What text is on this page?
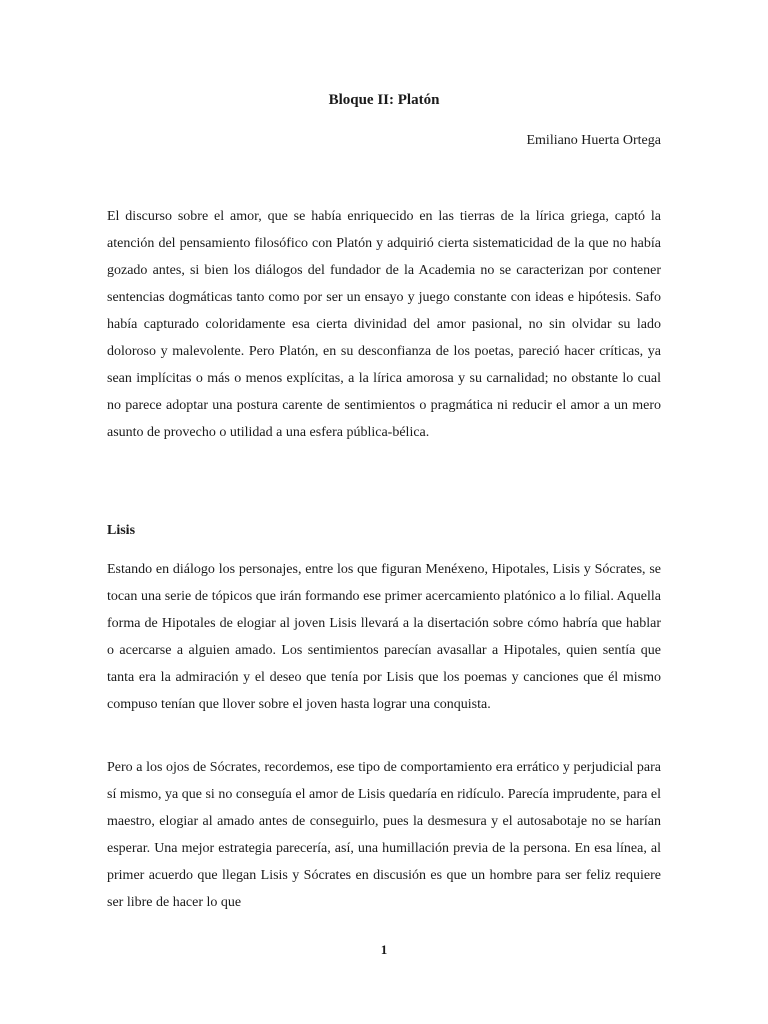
Bloque II: Platón

Emiliano Huerta Ortega

El discurso sobre el amor, que se había enriquecido en las tierras de la lírica griega, captó la atención del pensamiento filosófico con Platón y adquirió cierta sistematicidad de la que no había gozado antes, si bien los diálogos del fundador de la Academia no se caracterizan por contener sentencias dogmáticas tanto como por ser un ensayo y juego constante con ideas e hipótesis. Safo había capturado coloridamente esa cierta divinidad del amor pasional, no sin olvidar su lado doloroso y malevolente. Pero Platón, en su desconfianza de los poetas, pareció hacer críticas, ya sean implícitas o más o menos explícitas, a la lírica amorosa y su carnalidad; no obstante lo cual no parece adoptar una postura carente de sentimientos o pragmática ni reducir el amor a un mero asunto de provecho o utilidad a una esfera pública-bélica.

Lisis

Estando en diálogo los personajes, entre los que figuran Menéxeno, Hipotales, Lisis y Sócrates, se tocan una serie de tópicos que irán formando ese primer acercamiento platónico a lo filial. Aquella forma de Hipotales de elogiar al joven Lisis llevará a la disertación sobre cómo habría que hablar o acercarse a alguien amado. Los sentimientos parecían avasallar a Hipotales, quien sentía que tanta era la admiración y el deseo que tenía por Lisis que los poemas y canciones que él mismo compuso tenían que llover sobre el joven hasta lograr una conquista.

Pero a los ojos de Sócrates, recordemos, ese tipo de comportamiento era errático y perjudicial para sí mismo, ya que si no conseguía el amor de Lisis quedaría en ridículo. Parecía imprudente, para el maestro, elogiar al amado antes de conseguirlo, pues la desmesura y el autosabotaje no se harían esperar. Una mejor estrategia parecería, así, una humillación previa de la persona. En esa línea, al primer acuerdo que llegan Lisis y Sócrates en discusión es que un hombre para ser feliz requiere ser libre de hacer lo que

1
